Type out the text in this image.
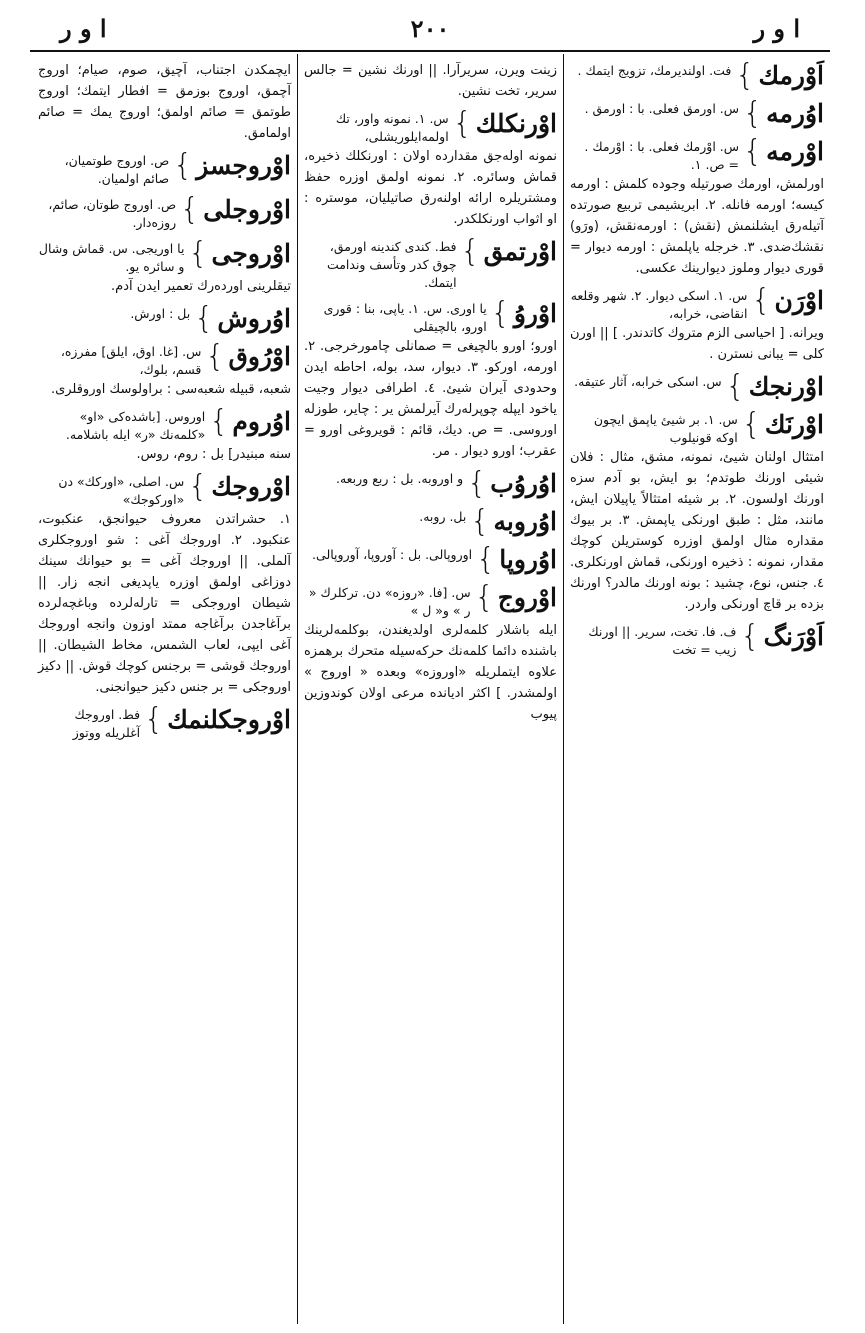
ا و ر
٢٠٠
ا و ر
اَوْرمك
}
فت. اولندیرمك، تزویج ایتمك .
اوُرمه
}
س. اورمق فعلی. با : اورمق .
اوْرمه
}
س. اوْرمك فعلی. با : اوْرمك . = ص. ١.
اورلمش، اورمك صورتیله وجوده كلمش : اورمه كیسه؛ اورمه فانله. ٢. ابریشیمی تربیع صورتده آتیله‌رق ایشلنمش (نقش) : اورمه‌نقش، (ورَو) نقشك‌ضدی. ٣. خرجله یاپلمش : اورمه دیوار = قوری دیوار وملوز دیوارینك عكسی.
اوْرَن
}
س. ١. اسكی دیوار. ٢. شهر وقلعه انقاضی، خرابه،
ویرانه. [ احیاسی الزم متروك كاتدندر. ] || اورن كلی = یبانی نسترن .
اوْرنجك
}
س. اسكی خرابه، آثار عتیقه.
اوْرنَك
}
س. ١. بر شیئ یاپمق ایچون اوكه قونیلوب
امتثال اولنان شیئ، نمونه، مشق، مثال : فلان شیئی اورنك طوتدم؛ بو ایش، بو آدم سزه اورنك اولسون. ٢. بر شیئه امتثالاً یاپیلان ایش، مانند، مثل : طبق اورنكی یاپمش. ٣. بر بیوك مقداره مثال اولمق اوزره كوستریلن كوچك مقدار، نمونه : ذخیره اورنكی، قماش اورنكلری. ٤. جنس، نوع، چشید : بونه اورنك مالدر؟ اورنك بزده بر قاچ اورنكی واردر.
اَوْرَنگ
}
ف. فا. تخت، سریر. || اورنك زیب = تخت
زینت ویرن، سریرآرا. || اورنك نشین = جالس سریر، تخت نشین.
اوْرنكلك
}
س. ١. نمونه واور، تك اولمه‌ایلوریشلی،
نمونه اوله‌جق مقدارده اولان : اورنكلك ذخیره، قماش وسائره. ٢. نمونه اولمق اوزره حفظ ومشتریلره ارائه اولنه‌رق صاتیلیان، موستره : او اثواب اورنكلكدر.
اوْرتمق
}
فط. كندی كندینه اورمق، چوق كدر وتأسف وندامت ایتمك.
اوْروُ
}
یا اوری. س. ١. یاپی، بنا : قوری اورو، بالچیقلی
اورو؛ اورو بالچیغی = صمانلی چامورخرجی. ٢. اورمه، اوركو. ٣. دیوار، سد، بوله، احاطه ایدن وحدودی آیران شیئ. ٤. اطرافی دیوار وجیت یاخود ایپله چوپرله‌رك آیرلمش یر : چایر، طوزله اوروسی. = ص. دیك، قائم : قویروغی اورو = عقرب؛ اورو دیوار . مر.
اوُروُب
}
و اوروبه. بل : ربع وربعه.
اوُروبه
}
بل. روبه.
اوُروپا
}
اوروپالی. بل : آوروپا، آوروپالی.
اوْروج
}
س. [فا. «روزه» دن. تركلرك « ر » و« ل »
ایله باشلار كلمه‌لری اولدیغندن، بوكلمه‌لرینك باشنده دائما كلمه‌نك حركه‌سیله متحرك برهمزه علاوه ایتملریله «اوروزه» وبعده « اوروج » اولمشدر. ] اكثر ادیانده مرعی اولان كوندوزین پیوب
ایچمكدن اجتناب، آچیق، صوم، صیام؛ اوروج آچمق، اوروج بوزمق = افطار ایتمك؛ اوروج طوتمق = صائم اولمق؛ اوروج یمك = صائم اولمامق.
اوْروجسز
}
ص. اوروج طوتمیان، صائم اولمیان.
اوْروجلی
}
ص. اوروج طوتان، صائم، روزه‌دار.
اوْروجی
}
یا اوریجی. س. قماش وشال و سائره یو.
تیقلرینی اورده‌رك تعمیر ایدن آدم.
اوُروش
}
بل : اورش.
اوْرُوق
}
س. [غا. اوق، ایلق] مفرزه، قسم، بلوك،
شعبه، قبیله شعبه‌سی : براولوسك اوروقلری.
اوُروم
}
اوروس. [باشده‌كی «او» «كلمه‌نك «ر» ایله باشلامه.
سنه مبنیدر] بل : روم، روس.
اوْروجك
}
س. اصلی، «اوركك» دن «اوركوجك»
١. حشراتدن معروف حیوانجق، عنكبوت، عنكبود. ٢. اوروجك آغی : شو اوروجكلری آلملی. || اوروجك آغی = بو حیوانك سینك دوزاغی اولمق اوزره یاپدیغی انجه زار. || شیطان اوروجكی = تارله‌لرده وباغچه‌لرده برآغاجدن برآغاجه ممتد اوزون وانجه اوروجك آغی ایپی، لعاب الشمس، مخاط الشیطان. || اوروجك قوشی = برجنس كوچك قوش. || دكیز اوروجكی = بر جنس دكیز حیوانجنی.
اوْروجكلنمك
}
فط. اوروجك آغلریله ووتوز
